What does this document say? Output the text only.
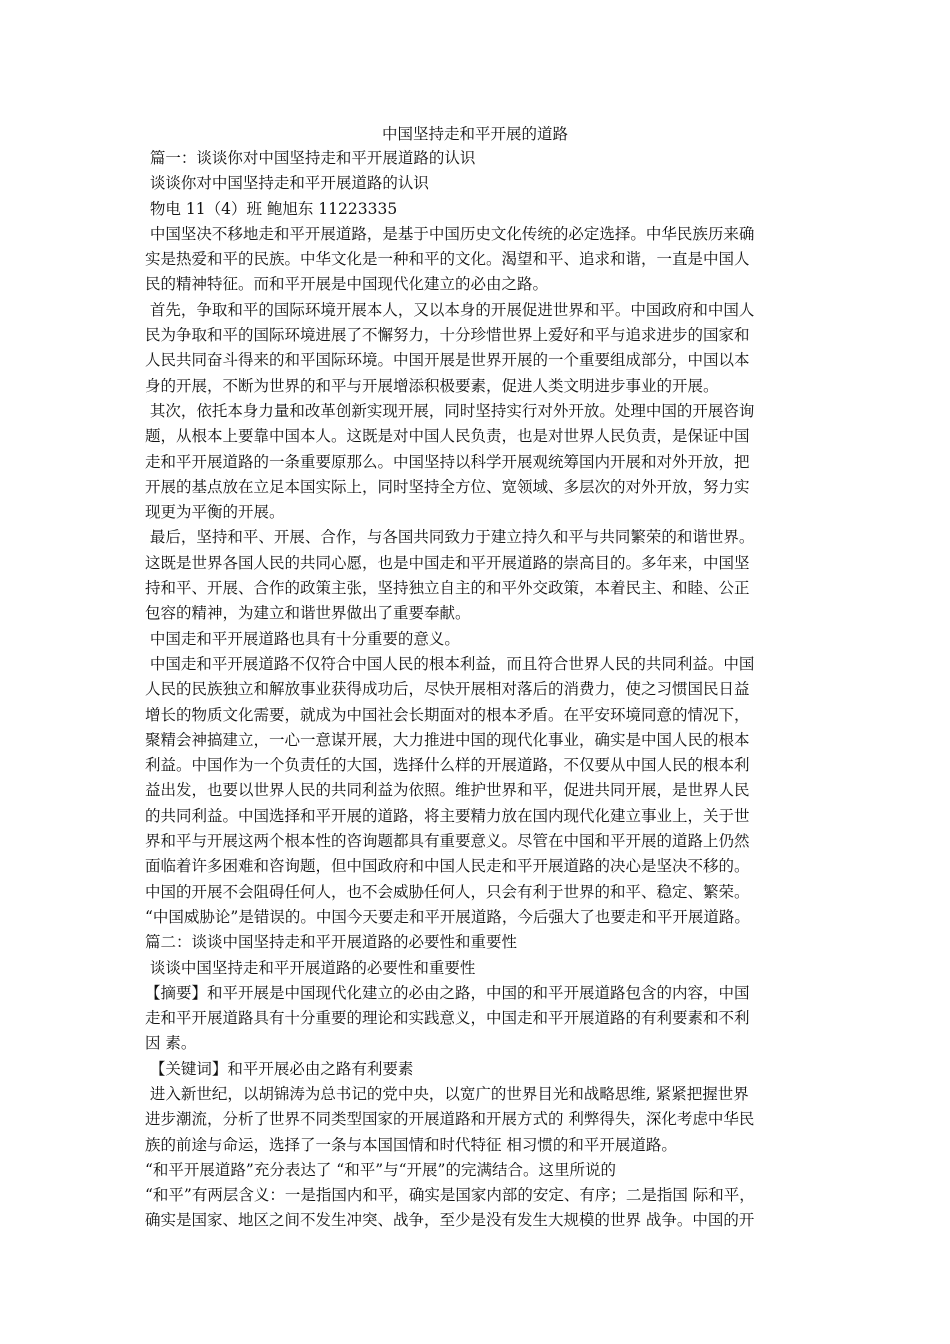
中国坚持走和平开展的道路
篇一：谈谈你对中国坚持走和平开展道路的认识
谈谈你对中国坚持走和平开展道路的认识
物电 11（4）班 鲍旭东 11223335
中国坚决不移地走和平开展道路，是基于中国历史文化传统的必定选择。中华民族历来确
实是热爱和平的民族。中华文化是一种和平的文化。渴望和平、追求和谐，一直是中国人
民的精神特征。而和平开展是中国现代化建立的必由之路。
首先，争取和平的国际环境开展本人，又以本身的开展促进世界和平。中国政府和中国人
民为争取和平的国际环境进展了不懈努力，十分珍惜世界上爱好和平与追求进步的国家和
人民共同奋斗得来的和平国际环境。中国开展是世界开展的一个重要组成部分，中国以本
身的开展，不断为世界的和平与开展增添积极要素，促进人类文明进步事业的开展。
其次，依托本身力量和改革创新实现开展，同时坚持实行对外开放。处理中国的开展咨询
题，从根本上要靠中国本人。这既是对中国人民负责，也是对世界人民负责，是保证中国
走和平开展道路的一条重要原那么。中国坚持以科学开展观统筹国内开展和对外开放，把
开展的基点放在立足本国实际上，同时坚持全方位、宽领域、多层次的对外开放，努力实
现更为平衡的开展。
最后，坚持和平、开展、合作，与各国共同致力于建立持久和平与共同繁荣的和谐世界。
这既是世界各国人民的共同心愿，也是中国走和平开展道路的崇高目的。多年来，中国坚
持和平、开展、合作的政策主张，坚持独立自主的和平外交政策，本着民主、和睦、公正
包容的精神，为建立和谐世界做出了重要奉献。
中国走和平开展道路也具有十分重要的意义。
中国走和平开展道路不仅符合中国人民的根本利益，而且符合世界人民的共同利益。中国
人民的民族独立和解放事业获得成功后，尽快开展相对落后的消费力，使之习惯国民日益
增长的物质文化需要，就成为中国社会长期面对的根本矛盾。在平安环境同意的情况下，
聚精会神搞建立，一心一意谋开展，大力推进中国的现代化事业，确实是中国人民的根本
利益。中国作为一个负责任的大国，选择什么样的开展道路，不仅要从中国人民的根本利
益出发，也要以世界人民的共同利益为依照。维护世界和平，促进共同开展，是世界人民
的共同利益。中国选择和平开展的道路，将主要精力放在国内现代化建立事业上，关于世
界和平与开展这两个根本性的咨询题都具有重要意义。尽管在中国和平开展的道路上仍然
面临着许多困难和咨询题，但中国政府和中国人民走和平开展道路的决心是坚决不移的。
中国的开展不会阻碍任何人，也不会威胁任何人，只会有利于世界的和平、稳定、繁荣。
“中国威胁论”是错误的。中国今天要走和平开展道路，今后强大了也要走和平开展道路。
篇二：谈谈中国坚持走和平开展道路的必要性和重要性
谈谈中国坚持走和平开展道路的必要性和重要性
【摘要】和平开展是中国现代化建立的必由之路，中国的和平开展道路包含的内容，中国
走和平开展道路具有十分重要的理论和实践意义，中国走和平开展道路的有利要素和不利
因 素。
【关键词】和平开展必由之路有利要素
进入新世纪，以胡锦涛为总书记的党中央，以宽广的世界目光和战略思维, 紧紧把握世界
进步潮流，分析了世界不同类型国家的开展道路和开展方式的 利弊得失，深化考虑中华民
族的前途与命运，选择了一条与本国国情和时代特征 相习惯的和平开展道路。
“和平开展道路”充分表达了 “和平”与“开展”的完满结合。这里所说的
“和平”有两层含义：一是指国内和平，确实是国家内部的安定、有序；二是指国 际和平，
确实是国家、地区之间不发生冲突、战争，至少是没有发生大规模的世界 战争。中国的开
